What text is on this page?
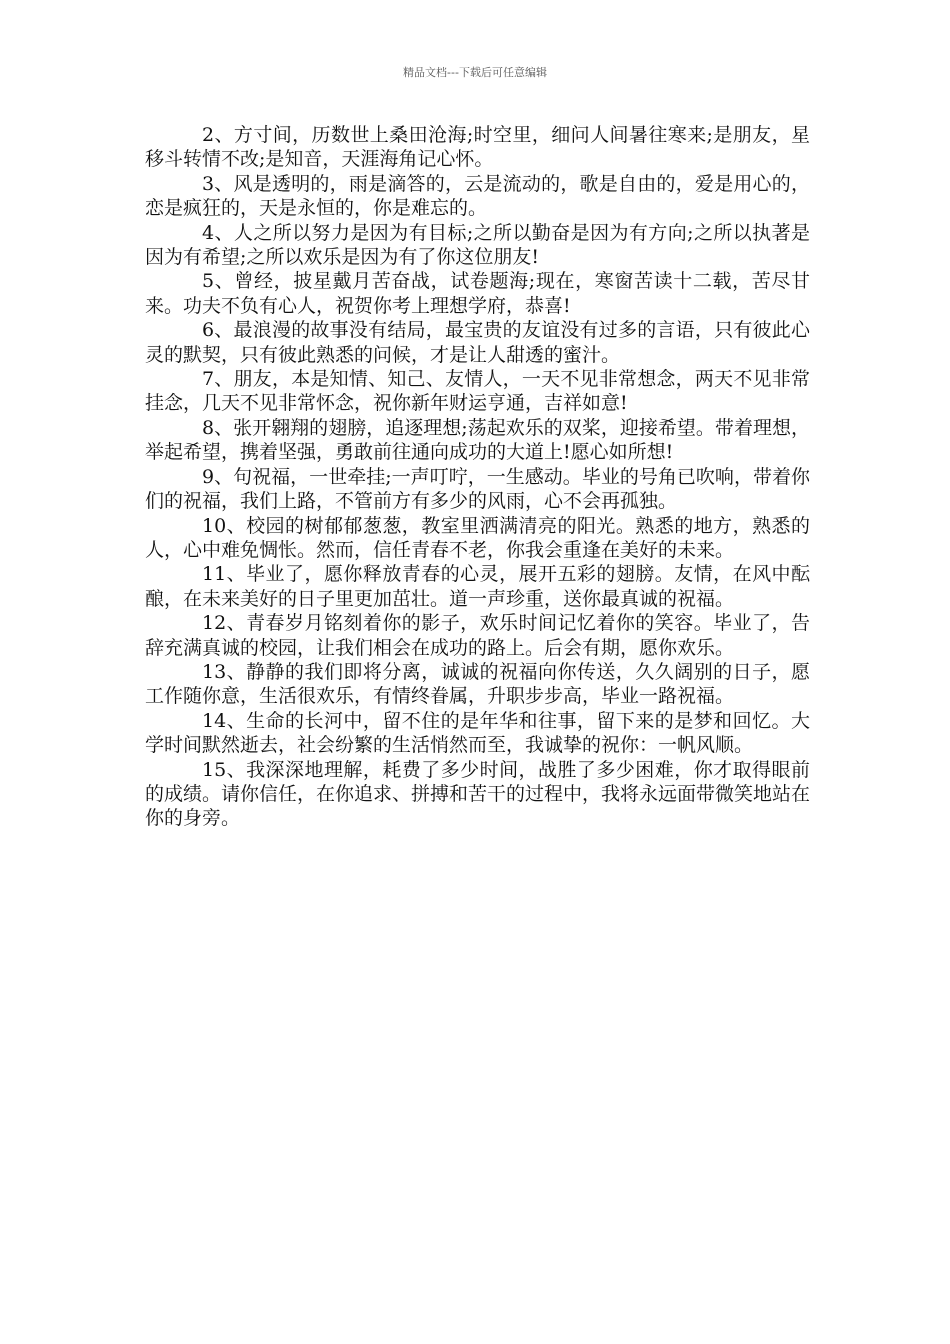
精品文档---下载后可任意编辑

2、方寸间，历数世上桑田沧海;时空里，细问人间暑往寒来;是朋友，星移斗转情不改;是知音，天涯海角记心怀。

3、风是透明的，雨是滴答的，云是流动的，歌是自由的，爱是用心的，恋是疯狂的，天是永恒的，你是难忘的。

4、人之所以努力是因为有目标;之所以勤奋是因为有方向;之所以执著是因为有希望;之所以欢乐是因为有了你这位朋友!

5、曾经，披星戴月苦奋战，试卷题海;现在，寒窗苦读十二载，苦尽甘来。功夫不负有心人，祝贺你考上理想学府，恭喜!

6、最浪漫的故事没有结局，最宝贵的友谊没有过多的言语，只有彼此心灵的默契，只有彼此熟悉的问候，才是让人甜透的蜜汁。

7、朋友，本是知情、知己、友情人，一天不见非常想念，两天不见非常挂念，几天不见非常怀念，祝你新年财运亨通，吉祥如意!

8、张开翱翔的翅膀，追逐理想;荡起欢乐的双桨，迎接希望。带着理想，举起希望，携着坚强，勇敢前往通向成功的大道上!愿心如所想!

9、句祝福，一世牵挂;一声叮咛，一生感动。毕业的号角已吹响，带着你们的祝福，我们上路，不管前方有多少的风雨，心不会再孤独。

10、校园的树郁郁葱葱，教室里洒满清亮的阳光。熟悉的地方，熟悉的人，心中难免惆怅。然而，信任青春不老，你我会重逢在美好的未来。

11、毕业了，愿你释放青春的心灵，展开五彩的翅膀。友情，在风中酝酿，在未来美好的日子里更加茁壮。道一声珍重，送你最真诚的祝福。

12、青春岁月铭刻着你的影子，欢乐时间记忆着你的笑容。毕业了，告辞充满真诚的校园，让我们相会在成功的路上。后会有期，愿你欢乐。

13、静静的我们即将分离，诚诚的祝福向你传送，久久阔别的日子，愿工作随你意，生活很欢乐，有情终眷属，升职步步高，毕业一路祝福。

14、生命的长河中，留不住的是年华和往事，留下来的是梦和回忆。大学时间默然逝去，社会纷繁的生活悄然而至，我诚挚的祝你：一帆风顺。

15、我深深地理解，耗费了多少时间，战胜了多少困难，你才取得眼前的成绩。请你信任，在你追求、拼搏和苦干的过程中，我将永远面带微笑地站在你的身旁。
